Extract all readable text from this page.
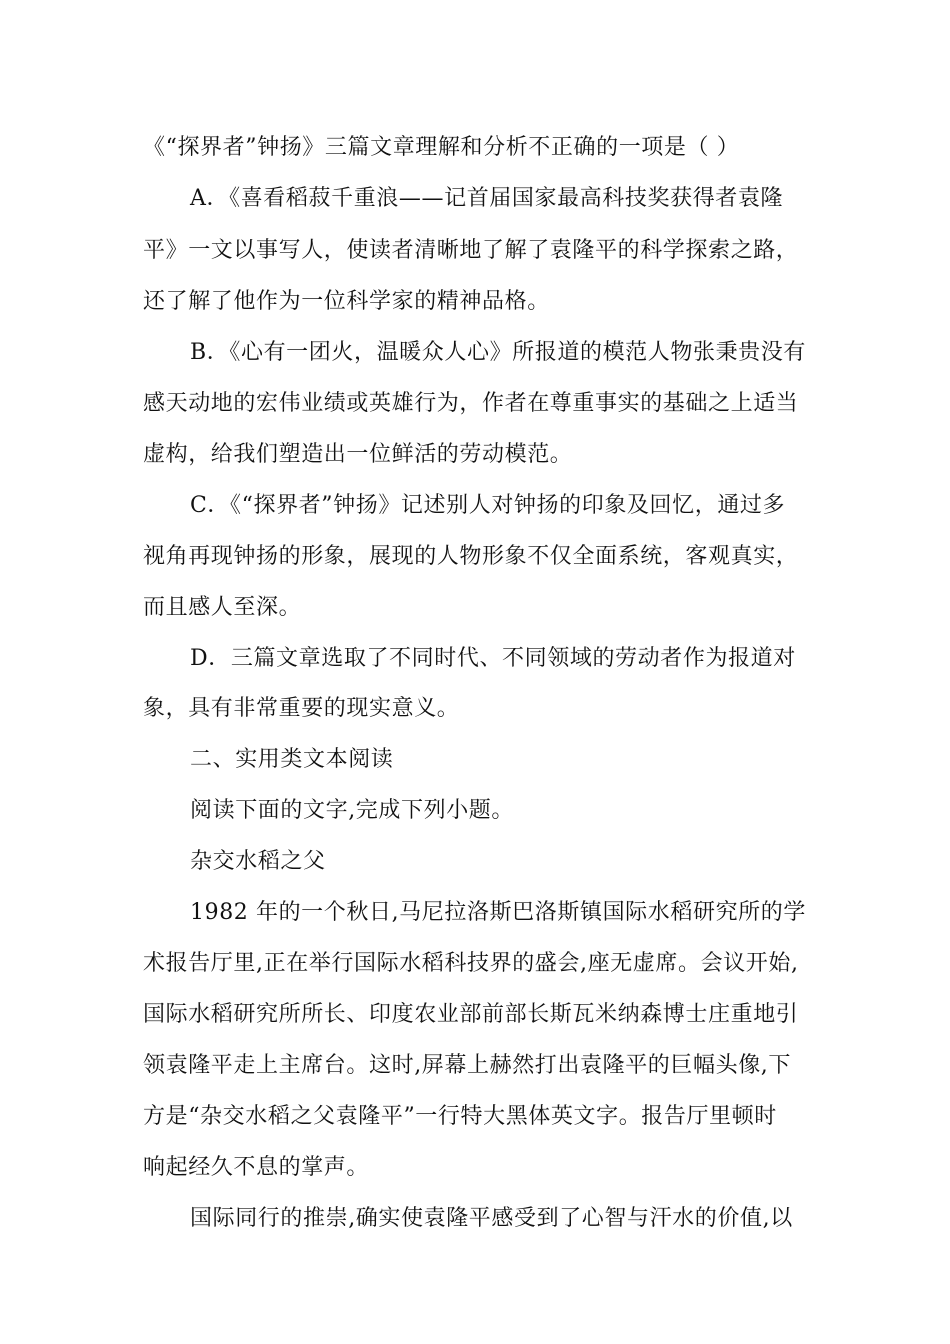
《“探界者”钟扬》三篇文章理解和分析不正确的一项是（ ）
A．《喜看稻菽千重浪——记首届国家最高科技奖获得者袁隆
平》一文以事写人，使读者清晰地了解了袁隆平的科学探索之路，
还了解了他作为一位科学家的精神品格。
B．《心有一团火，温暖众人心》所报道的模范人物张秉贵没有
感天动地的宏伟业绩或英雄行为，作者在尊重事实的基础之上适当
虚构，给我们塑造出一位鲜活的劳动模范。
C．《“探界者”钟扬》记述别人对钟扬的印象及回忆，通过多
视角再现钟扬的形象，展现的人物形象不仅全面系统，客观真实，
而且感人至深。
D．三篇文章选取了不同时代、不同领域的劳动者作为报道对
象，具有非常重要的现实意义。
二、实用类文本阅读
阅读下面的文字,完成下列小题。
杂交水稻之父
1982 年的一个秋日,马尼拉洛斯巴洛斯镇国际水稻研究所的学
术报告厅里,正在举行国际水稻科技界的盛会,座无虚席。会议开始,
国际水稻研究所所长、印度农业部前部长斯瓦米纳森博士庄重地引
领袁隆平走上主席台。这时,屏幕上赫然打出袁隆平的巨幅头像,下
方是“杂交水稻之父袁隆平”一行特大黑体英文字。报告厅里顿时
响起经久不息的掌声。
国际同行的推崇,确实使袁隆平感受到了心智与汗水的价值,以
